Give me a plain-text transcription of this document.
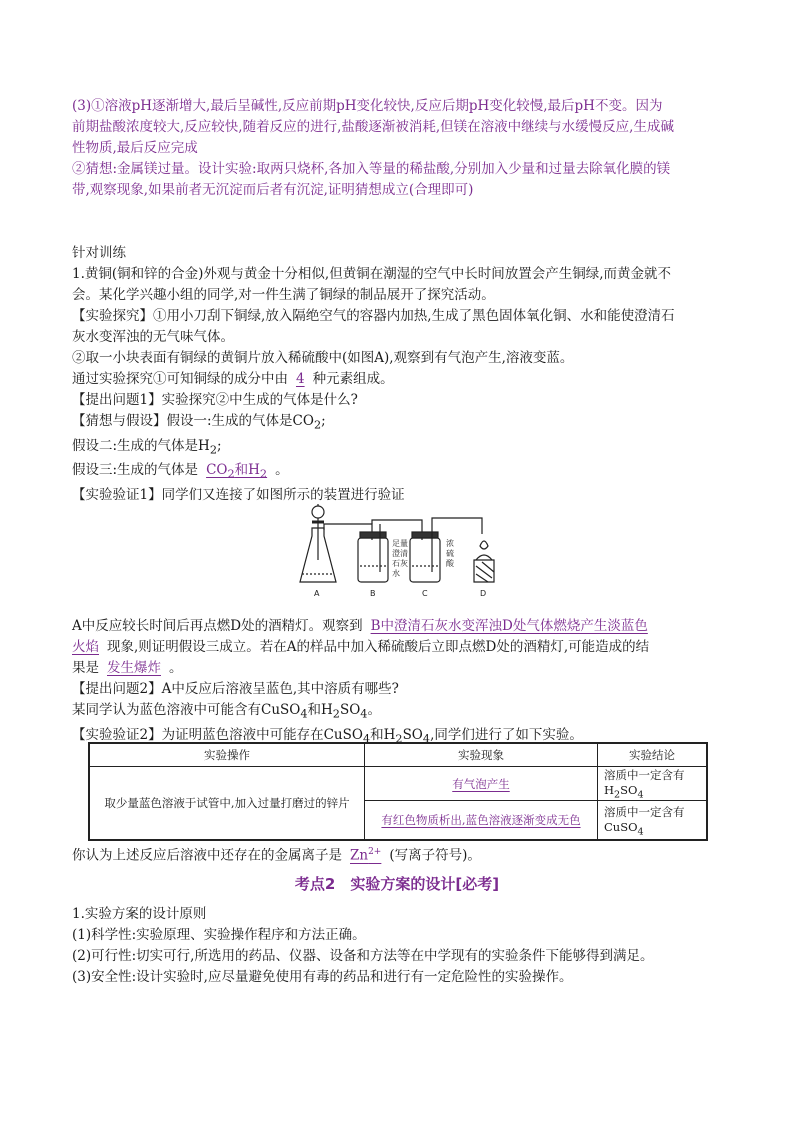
(3)①溶液pH逐渐增大,最后呈碱性,反应前期pH变化较快,反应后期pH变化较慢,最后pH不变。因为
前期盐酸浓度较大,反应较快,随着反应的进行,盐酸逐渐被消耗,但镁在溶液中继续与水缓慢反应,生成碱
性物质,最后反应完成
②猜想:金属镁过量。设计实验:取两只烧杯,各加入等量的稀盐酸,分别加入少量和过量去除氧化膜的镁
带,观察现象,如果前者无沉淀而后者有沉淀,证明猜想成立(合理即可)
针对训练
1.黄铜(铜和锌的合金)外观与黄金十分相似,但黄铜在潮湿的空气中长时间放置会产生铜绿,而黄金就不
会。某化学兴趣小组的同学,对一件生满了铜绿的制品展开了探究活动。
【实验探究】①用小刀刮下铜绿,放入隔绝空气的容器内加热,生成了黑色固体氧化铜、水和能使澄清石
灰水变浑浊的无气味气体。
②取一小块表面有铜绿的黄铜片放入稀硫酸中(如图A),观察到有气泡产生,溶液变蓝。
通过实验探究①可知铜绿的成分中由 4 种元素组成。
【提出问题1】实验探究②中生成的气体是什么?
【猜想与假设】假设一:生成的气体是$CO_2$;
假设二:生成的气体是$H_2$;
假设三:生成的气体是 $CO_2$和$H_2$ 。
【实验验证1】同学们又连接了如图所示的装置进行验证
A	B	C	D
足量
澄清
石灰
水
浓
硫
酸
A中反应较长时间后再点燃D处的酒精灯。观察到 B中澄清石灰水变浑浊D处气体燃烧产生淡蓝色
火焰 现象,则证明假设三成立。若在A的样品中加入稀硫酸后立即点燃D处的酒精灯,可能造成的结
果是 发生爆炸 。
【提出问题2】A中反应后溶液呈蓝色,其中溶质有哪些?
某同学认为蓝色溶液中可能含有CuSO$_4$和$H_2SO_4$。
【实验验证2】为证明蓝色溶液中可能存在CuSO$_4$和$H_2SO_4$,同学们进行了如下实验。
实验操作	实验现象	实验结论
取少量蓝色溶液于试管中,加入过量打磨过的锌片	有气泡产生	溶质中一定含有$H_2SO_4$
	有红色物质析出,蓝色溶液逐渐变成无色	溶质中一定含有CuSO$_4$
你认为上述反应后溶液中还存在的金属离子是 $Zn^{2+}$ (写离子符号)。
考点2　实验方案的设计[必考]
1.实验方案的设计原则
(1)科学性:实验原理、实验操作程序和方法正确。
(2)可行性:切实可行,所选用的药品、仪器、设备和方法等在中学现有的实验条件下能够得到满足。
(3)安全性:设计实验时,应尽量避免使用有毒的药品和进行有一定危险性的实验操作。
